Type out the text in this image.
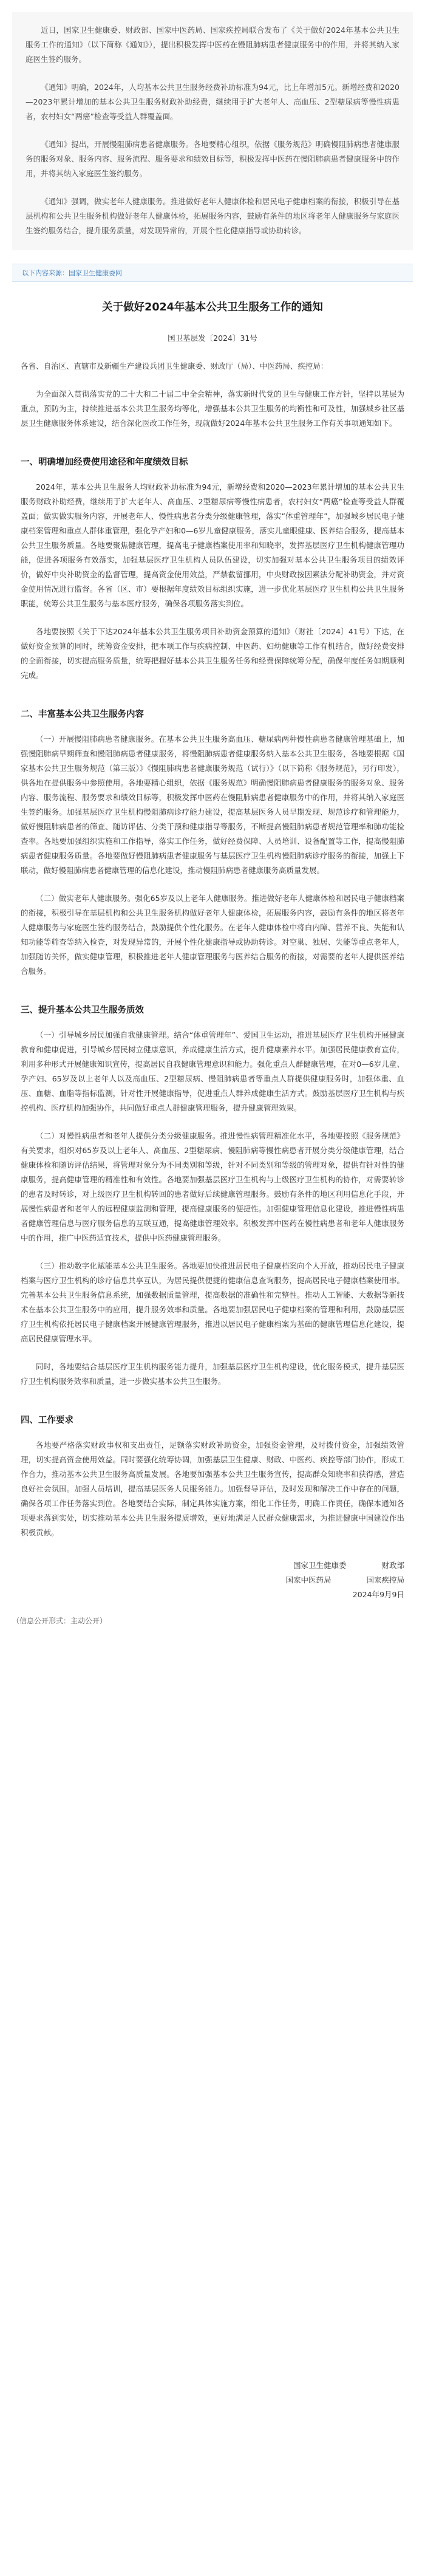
近日，国家卫生健康委、财政部、国家中医药局、国家疾控局联合发布了《关于做好2024年基本公共卫生服务工作的通知》（以下简称《通知》），提出积极发挥中医药在慢阻肺病患者健康服务中的作用，并将其纳入家庭医生签约服务。

《通知》明确，2024年，人均基本公共卫生服务经费补助标准为94元，比上年增加5元。新增经费和2020—2023年累计增加的基本公共卫生服务财政补助经费，继续用于扩大老年人、高血压、2型糖尿病等慢性病患者，农村妇女“两癌”检查等受益人群覆盖面。

《通知》提出，开展慢阻肺病患者健康服务。各地要精心组织，依据《服务规范》明确慢阻肺病患者健康服务的服务对象、服务内容、服务流程、服务要求和绩效目标等，积极发挥中医药在慢阻肺病患者健康服务中的作用，并将其纳入家庭医生签约服务。

《通知》强调，做实老年人健康服务。推进做好老年人健康体检和居民电子健康档案的衔接，积极引导在基层机构和公共卫生服务机构做好老年人健康体检，拓展服务内容，鼓励有条件的地区将老年人健康服务与家庭医生签约服务结合，提升服务质量，对发现异常的，开展个性化健康指导或协助转诊。

以下内容来源：国家卫生健康委网
关于做好2024年基本公共卫生服务工作的通知
国卫基层发〔2024〕31号
各省、自治区、直辖市及新疆生产建设兵团卫生健康委、财政厅（局）、中医药局、疾控局：
为全面深入贯彻落实党的二十大和二十届二中全会精神，落实新时代党的卫生与健康工作方针，坚持以基层为重点，预防为主，持续推进基本公共卫生服务均等化，增强基本公共卫生服务的均衡性和可及性，加强城乡社区基层卫生健康服务体系建设，结合深化医改工作任务，现就做好2024年基本公共卫生服务工作有关事项通知如下。
一、明确增加经费使用途径和年度绩效目标
2024年，基本公共卫生服务人均财政补助标准为94元，新增经费和2020—2023年累计增加的基本公共卫生服务财政补助经费，继续用于扩大老年人、高血压、2型糖尿病等慢性病患者，农村妇女“两癌”检查等受益人群覆盖面；做实做实服务内容，开展老年人、慢性病患者分类分级健康管理，落实“体重管理年”，加强城乡居民电子健康档案管理和重点人群体重管理，强化孕产妇和0—6岁儿童健康服务，落实儿童眼健康、医养结合服务，提高基本公共卫生服务质量。各地要聚焦健康管理，提高电子健康档案使用率和知晓率，发挥基层医疗卫生机构健康管理功能，促进各项服务有效落实，加强基层医疗卫生机构人员队伍建设，切实加强对基本公共卫生服务项目的绩效评价，做好中央补助资金的监督管理，提高资金使用效益，严禁截留挪用，中央财政按因素法分配补助资金，并对资金使用情况进行监督。各省（区、市）要根据年度绩效目标组织实施，进一步优化基层医疗卫生机构公共卫生服务职能，统筹公共卫生服务与基本医疗服务，确保各项服务落实到位。
各地要按照《关于下达2024年基本公共卫生服务项目补助资金预算的通知》（财社〔2024〕41号）下达，在做好资金预算的同时，统筹资金安排，把本项工作与疾病控制、中医药、妇幼健康等工作有机结合，做好经费安排的全面衔接，切实提高服务质量，统筹把握好基本公共卫生服务任务和经费保障统筹分配，确保年度任务如期顺利完成。
二、丰富基本公共卫生服务内容
（一）开展慢阻肺病患者健康服务。在基本公共卫生服务高血压、糖尿病两种慢性病患者健康管理基础上，加强慢阻肺病早期筛查和慢阻肺病患者健康服务，将慢阻肺病患者健康服务纳入基本公共卫生服务，各地要根据《国家基本公共卫生服务规范（第三版）》《慢阻肺病患者健康服务规范（试行）》（以下简称《服务规范》，另行印发），供各地在提供服务中参照使用。各地要精心组织，依据《服务规范》明确慢阻肺病患者健康服务的服务对象、服务内容、服务流程、服务要求和绩效目标等，积极发挥中医药在慢阻肺病患者健康服务中的作用，并将其纳入家庭医生签约服务。加强基层医疗卫生机构慢阻肺病诊疗能力建设，提高基层医务人员早期发现、规范诊疗和管理能力，做好慢阻肺病患者的筛查、随访评估、分类干预和健康指导等服务，不断提高慢阻肺病患者规范管理率和肺功能检查率。各地要加强组织实施和工作指导，落实工作任务，做好经费保障、人员培训、设备配置等工作，提高慢阻肺病患者健康服务质量。各地要做好慢阻肺病患者健康服务与基层医疗卫生机构慢阻肺病诊疗服务的衔接，加强上下联动，做好慢阻肺病患者健康管理的信息化建设，推动慢阻肺病患者健康服务高质量发展。
（二）做实老年人健康服务。强化65岁及以上老年人健康服务。推进做好老年人健康体检和居民电子健康档案的衔接，积极引导在基层机构和公共卫生服务机构做好老年人健康体检，拓展服务内容，鼓励有条件的地区将老年人健康服务与家庭医生签约服务结合，鼓励提供个性化服务。在老年人健康体检中将白内障、营养不良、失能和认知功能等筛查等纳入检查，对发现异常的，开展个性化健康指导或协助转诊。对空巢、独居、失能等重点老年人，加强随访关怀，做实健康管理，积极推进老年人健康管理服务与医养结合服务的衔接，对需要的老年人提供医养结合服务。
三、提升基本公共卫生服务质效
（一）引导城乡居民加强自我健康管理。结合“体重管理年”、爱国卫生运动，推进基层医疗卫生机构开展健康教育和健康促进，引导城乡居民树立健康意识，养成健康生活方式，提升健康素养水平。加强居民健康教育宣传，利用多种形式开展健康知识宣传，提高居民自我健康管理意识和能力。强化重点人群健康管理，在对0—6岁儿童、孕产妇、65岁及以上老年人以及高血压、2型糖尿病、慢阻肺病患者等重点人群提供健康服务时，加强体重、血压、血糖、血脂等指标监测，针对性开展健康指导，促进重点人群养成健康生活方式。鼓励基层医疗卫生机构与疾控机构、医疗机构加强协作，共同做好重点人群健康管理服务，提升健康管理效果。
（二）对慢性病患者和老年人提供分类分级健康服务。推进慢性病管理精准化水平，各地要按照《服务规范》有关要求，组织对65岁及以上老年人、高血压、2型糖尿病、慢阻肺病等慢性病患者开展分类分级健康管理，结合健康体检和随访评估结果，将管理对象分为不同类别和等级，针对不同类别和等级的管理对象，提供有针对性的健康服务，提高健康管理的精准性和有效性。各地要加强基层医疗卫生机构与上级医疗卫生机构的协作，对需要转诊的患者及时转诊，对上级医疗卫生机构转回的患者做好后续健康管理服务。鼓励有条件的地区利用信息化手段，开展慢性病患者和老年人的远程健康监测和管理，提高健康服务的便捷性。加强健康管理信息化建设，推进慢性病患者健康管理信息与医疗服务信息的互联互通，提高健康管理效率。积极发挥中医药在慢性病患者和老年人健康服务中的作用，推广中医药适宜技术，提供中医药健康管理服务。
（三）推动数字化赋能基本公共卫生服务。各地要加快推进居民电子健康档案向个人开放，推动居民电子健康档案与医疗卫生机构的诊疗信息共享互认，为居民提供便捷的健康信息查询服务，提高居民电子健康档案使用率。完善基本公共卫生服务信息系统，加强数据质量管理，提高数据的准确性和完整性。推动人工智能、大数据等新技术在基本公共卫生服务中的应用，提升服务效率和质量。各地要加强居民电子健康档案的管理和利用，鼓励基层医疗卫生机构依托居民电子健康档案开展健康管理服务，推进以居民电子健康档案为基础的健康管理信息化建设，提高居民健康管理水平。
同时，各地要结合基层医疗卫生机构服务能力提升，加强基层医疗卫生机构建设，优化服务模式，提升基层医疗卫生机构服务效率和质量，进一步做实基本公共卫生服务。
四、工作要求
各地要严格落实财政事权和支出责任，足额落实财政补助资金，加强资金管理，及时拨付资金，加强绩效管理，切实提高资金使用效益。同时要强化统筹协调，加强基层卫生健康、财政、中医药、疾控等部门协作，形成工作合力，推动基本公共卫生服务高质量发展。各地要加强基本公共卫生服务宣传，提高群众知晓率和获得感，营造良好社会氛围。加强人员培训，提高基层医务人员服务能力。加强督导评估，及时发现和解决工作中存在的问题，确保各项工作任务落实到位。各地要结合实际，制定具体实施方案，细化工作任务，明确工作责任，确保本通知各项要求落到实处，切实推动基本公共卫生服务提质增效，更好地满足人民群众健康需求，为推进健康中国建设作出积极贡献。
国家卫生健康委	财政部
国家中医药局	国家疾控局
2024年9月9日
（信息公开形式：主动公开）
